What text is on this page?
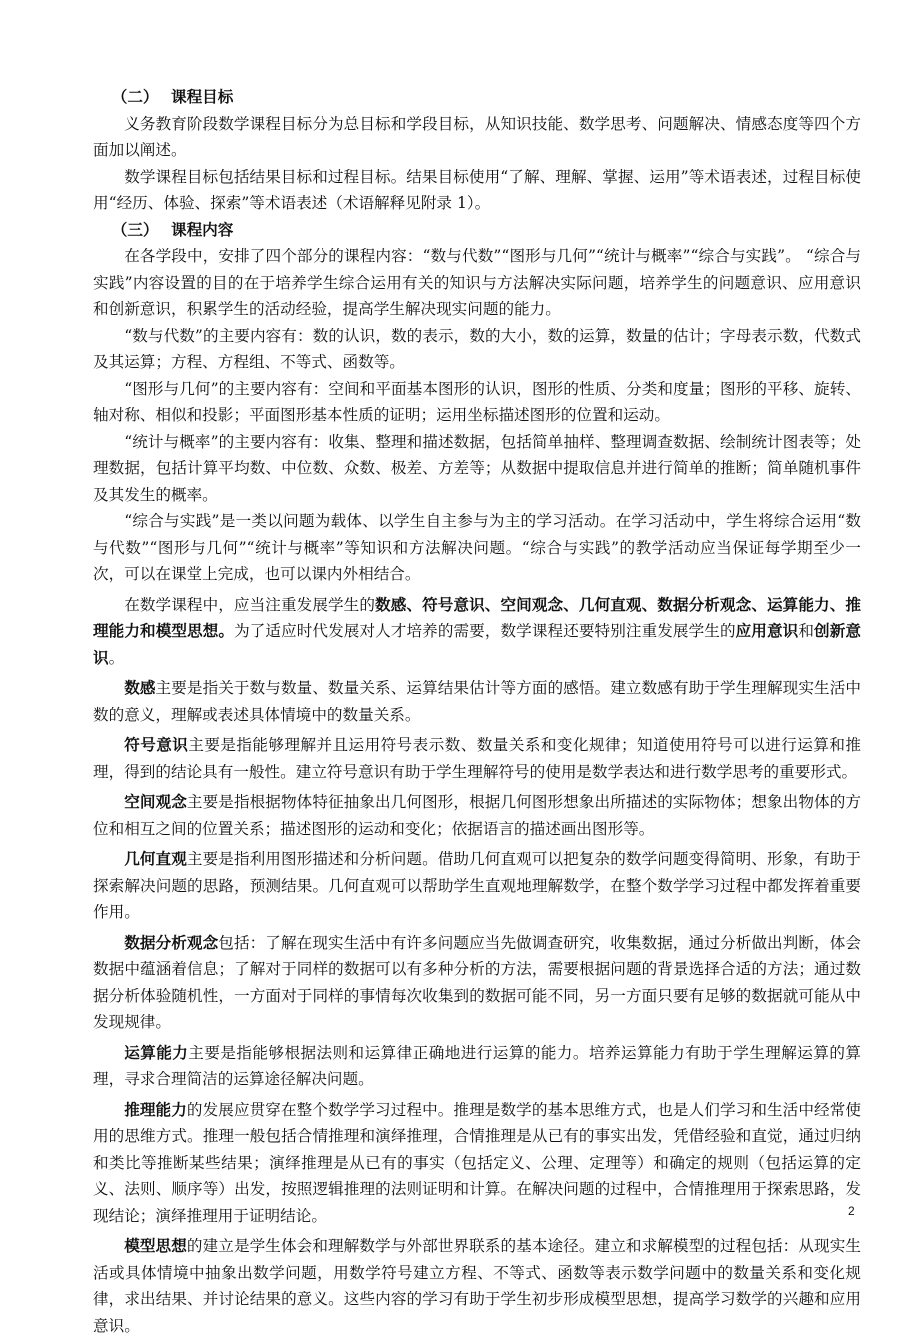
（二） 课程目标

义务教育阶段数学课程目标分为总目标和学段目标，从知识技能、数学思考、问题解决、情感态度等四个方面加以阐述。

数学课程目标包括结果目标和过程目标。结果目标使用“了解、理解、掌握、运用”等术语表述，过程目标使用“经历、体验、探索”等术语表述（术语解释见附录 1）。

（三） 课程内容

在各学段中，安排了四个部分的课程内容：“数与代数”“图形与几何”“统计与概率”“综合与实践”。 “综合与实践”内容设置的目的在于培养学生综合运用有关的知识与方法解决实际问题，培养学生的问题意识、应用意识和创新意识，积累学生的活动经验，提高学生解决现实问题的能力。

“数与代数”的主要内容有：数的认识，数的表示，数的大小，数的运算，数量的估计；字母表示数，代数式及其运算；方程、方程组、不等式、函数等。

“图形与几何”的主要内容有：空间和平面基本图形的认识，图形的性质、分类和度量；图形的平移、旋转、轴对称、相似和投影；平面图形基本性质的证明；运用坐标描述图形的位置和运动。

“统计与概率”的主要内容有：收集、整理和描述数据，包括简单抽样、整理调查数据、绘制统计图表等；处理数据，包括计算平均数、中位数、众数、极差、方差等；从数据中提取信息并进行简单的推断；简单随机事件及其发生的概率。

“综合与实践”是一类以问题为载体、以学生自主参与为主的学习活动。在学习活动中，学生将综合运用“数与代数”“图形与几何”“统计与概率”等知识和方法解决问题。“综合与实践”的教学活动应当保证每学期至少一次，可以在课堂上完成，也可以课内外相结合。

在数学课程中，应当注重发展学生的数感、符号意识、空间观念、几何直观、数据分析观念、运算能力、推理能力和模型思想。为了适应时代发展对人才培养的需要，数学课程还要特别注重发展学生的应用意识和创新意识。

数感主要是指关于数与数量、数量关系、运算结果估计等方面的感悟。建立数感有助于学生理解现实生活中数的意义，理解或表述具体情境中的数量关系。

符号意识主要是指能够理解并且运用符号表示数、数量关系和变化规律；知道使用符号可以进行运算和推理，得到的结论具有一般性。建立符号意识有助于学生理解符号的使用是数学表达和进行数学思考的重要形式。

空间观念主要是指根据物体特征抽象出几何图形，根据几何图形想象出所描述的实际物体；想象出物体的方位和相互之间的位置关系；描述图形的运动和变化；依据语言的描述画出图形等。

几何直观主要是指利用图形描述和分析问题。借助几何直观可以把复杂的数学问题变得简明、形象，有助于探索解决问题的思路，预测结果。几何直观可以帮助学生直观地理解数学，在整个数学学习过程中都发挥着重要作用。

数据分析观念包括：了解在现实生活中有许多问题应当先做调查研究，收集数据，通过分析做出判断，体会数据中蕴涵着信息；了解对于同样的数据可以有多种分析的方法，需要根据问题的背景选择合适的方法；通过数据分析体验随机性，一方面对于同样的事情每次收集到的数据可能不同，另一方面只要有足够的数据就可能从中发现规律。

运算能力主要是指能够根据法则和运算律正确地进行运算的能力。培养运算能力有助于学生理解运算的算理，寻求合理简洁的运算途径解决问题。

推理能力的发展应贯穿在整个数学学习过程中。推理是数学的基本思维方式，也是人们学习和生活中经常使用的思维方式。推理一般包括合情推理和演绎推理，合情推理是从已有的事实出发，凭借经验和直觉，通过归纳和类比等推断某些结果；演绎推理是从已有的事实（包括定义、公理、定理等）和确定的规则（包括运算的定义、法则、顺序等）出发，按照逻辑推理的法则证明和计算。在解决问题的过程中，合情推理用于探索思路，发现结论；演绎推理用于证明结论。

模型思想的建立是学生体会和理解数学与外部世界联系的基本途径。建立和求解模型的过程包括：从现实生活或具体情境中抽象出数学问题，用数学符号建立方程、不等式、函数等表示数学问题中的数量关系和变化规律，求出结果、并讨论结果的意义。这些内容的学习有助于学生初步形成模型思想，提高学习数学的兴趣和应用意识。

2
